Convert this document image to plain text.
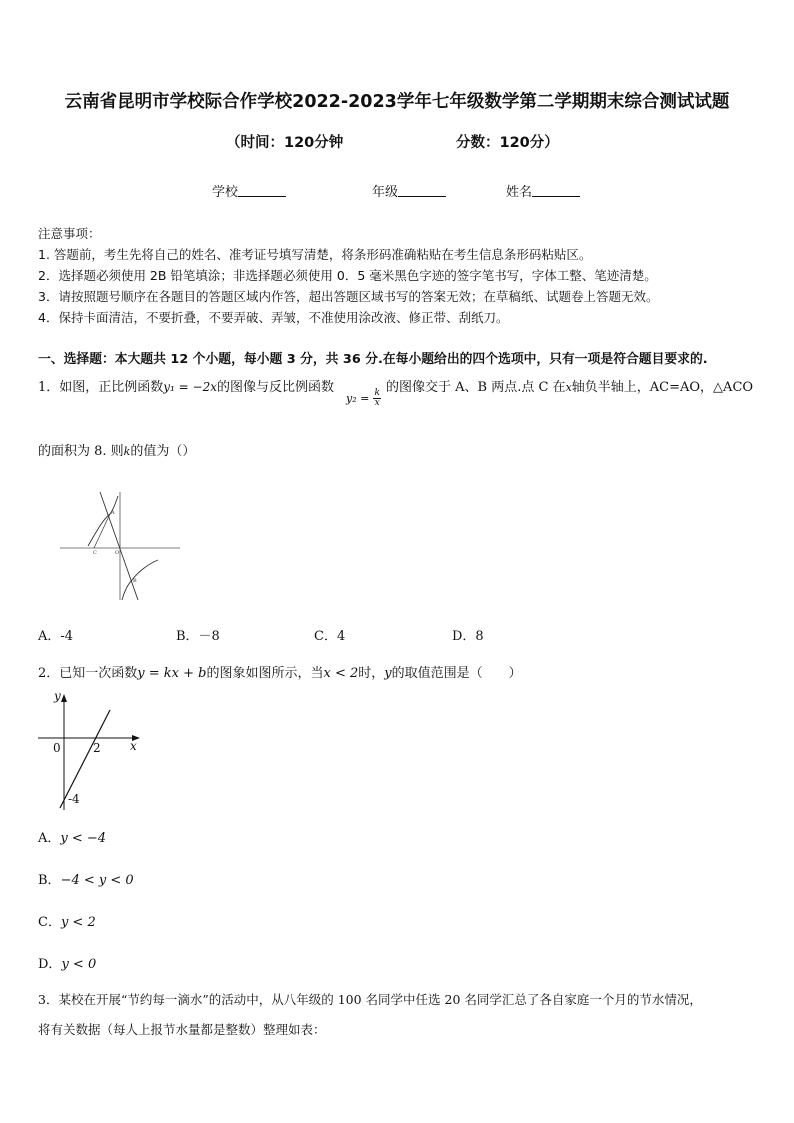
云南省昆明市学校际合作学校2022-2023学年七年级数学第二学期期末综合测试试题
（时间：120分钟	分数：120分）
学校	年级	姓名
注意事项：
1. 答题前，考生先将自己的姓名、准考证号填写清楚，将条形码准确粘贴在考生信息条形码粘贴区。
2．选择题必须使用 2B 铅笔填涂；非选择题必须使用 0．5 毫米黑色字迹的签字笔书写，字体工整、笔迹清楚。
3．请按照题号顺序在各题目的答题区域内作答，超出答题区域书写的答案无效；在草稿纸、试题卷上答题无效。
4．保持卡面清洁，不要折叠，不要弄破、弄皱，不准使用涂改液、修正带、刮纸刀。
一、选择题：本大题共 12 个小题，每小题 3 分，共 36 分.在每小题给出的四个选项中，只有一项是符合题目要求的.
1．如图，正比例函数y₁ = −2x的图像与反比例函数
$y_2 = \frac{k}{x}$
的图像交于 A、B 两点.点 C 在x轴负半轴上，AC=AO，△ACO
的面积为 8. 则k的值为（）
A
C	O
B
A．-4	B．－8	C．4	D．8
2．已知一次函数y = kx + b的图象如图所示，当x < 2时，y的取值范围是（　　）
y
x
0	2
-4
A．y < −4
B．−4 < y < 0
C．y < 2
D．y < 0
3．某校在开展“节约每一滴水”的活动中，从八年级的 100 名同学中任选 20 名同学汇总了各自家庭一个月的节水情况，
将有关数据（每人上报节水量都是整数）整理如表：
